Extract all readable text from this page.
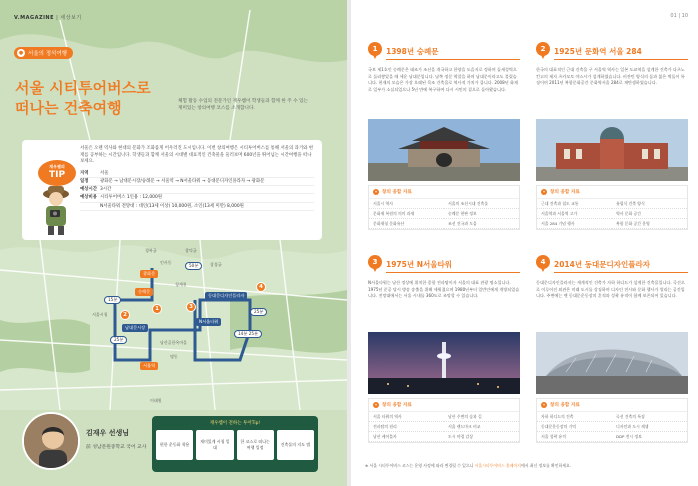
V.MAGAZINE | 세상보기
● 서울의 정석여행
서울 시티투어버스로
떠나는 건축여행	체험 활동 수업의 전문가인 재우쌤이 학생들과 함께 한 주 수 있는 재미있는 창의여행 코스를 소개합니다.

서울은 오랜 역사와 현대의 문화가 조화롭게 어우러진 도시입니다. 이번 창의여행은 시티투어버스를 통해 서울의 과거와 현재를 공부하는 시간입니다. 학생들과 함께 서울의 시대별 대표적인 건축물을 둘러보며 600년을 뛰어넘는 시간여행을 떠나보세요.

지역	서울
일정	광화문 → 남대문시장/숭례문 → 서울역 → N서울타워 → 동대문디자인플라자 → 광화문
예상시간 3시간
예상비용 시티투어버스 1인용 : 12,000원
N서울타워 전망대 : 대인(13세 이상) 10,000원, 소인(13세 미만) 8,000원
재우쌤의
TIP
숭례문
남대문시장
서울역
N서울타워
동대문디자인플라자
광화문
50분
15분
25분
14분 25분
25분
1
2
3
4
경복궁	창덕궁
창경궁
청계천
남산골한옥마을
서울시청
인사동
명동
이태원
김재우 선생님
前 성남문원중학교 국어 교사
재우쌤이 전하는 투어Tip!
편한 운동화 착용
재미있게 시청 일대
한 코스로 떠나는 여행 일정
건축물의 지도 앱
01 | 10
1	1398년 숭례문
국보 제1호인 숭례문은 태조가 조선을 개국하고 한양을 도읍지로 정하며 돌새성벽으로 둘러쌓았을 때 세운 남대문입니다. 남쪽 정문 역할을 하며 남대문이라고도 불렸습니다. 현재의 모습은 가장 오래된 목조 건축물로 역사적 가치가 큽니다. 2008년 화재로 일부가 소실되었으나 5년 만에 복구하여 다시 시민의 곁으로 돌아왔습니다.
✦ 창의 융합 자료
서울시 역사	서울의 조선시대 건축물
문화재 복원의 의미 과제	숭례문 현판 정보
문화재청 문화유산	조선 건국과 도읍
2	1925년 문화역 서울 284
한국의 대표적인 근대 건축물 구 서울역 역사는 일본 도쿄역을 설계한 건축가 다츠노 킨고의 제자 츠카모토 야스시가 설계하였습니다. 비잔틴 양식의 돔과 붉은 벽돌이 특징이며 2011년 복합문화공간 문화역서울 284로 재탄생하였습니다.
✦ 창의 융합 자료
근대 건축과 철도 교통	유럽식 건축 양식
서울역과 서울역 고가	역사 문화 공간
서울 284 기념 행사	복합 문화 공간 운영
3	1975년 N서울타워
N서울타워는 남산 정상에 위치한 종합 전파탑이자 서울의 대표 관광 명소입니다. 1975년 준공 당시 방송 송출을 위해 세워졌으며 1980년부터 일반인에게 개방되었습니다. 전망대에서는 서울 시내를 360도로 조망할 수 있습니다.
✦ 창의 융합 자료
서울 타워의 역사	남산 주변의 숲과 길
전파탑의 원리	서울 랜드마크 비교
남산 케이블카	도시 야경 감상
4	2014년 동대문디자인플라자
동대문디자인플라자는 세계적인 건축가 자하 하디드가 설계한 건축물입니다. 곡선으로 이루어진 외관은 미래 도시를 상징하며 디자인 전시와 문화 행사가 열리는 공간입니다. 주변에는 옛 동대문운동장의 흔적과 성곽 유적이 함께 보존되어 있습니다.
✦ 창의 융합 자료
자하 하디드의 건축	곡선 건축의 특징
동대문운동장의 기억	디자인과 도시 재생
서울 성곽 유적	DDP 전시 정보
※ 서울 시티투어버스 코스는 운영 사정에 따라 변경될 수 있으니 서울시티투어버스 홈페이지에서 최신 정보를 확인하세요.
